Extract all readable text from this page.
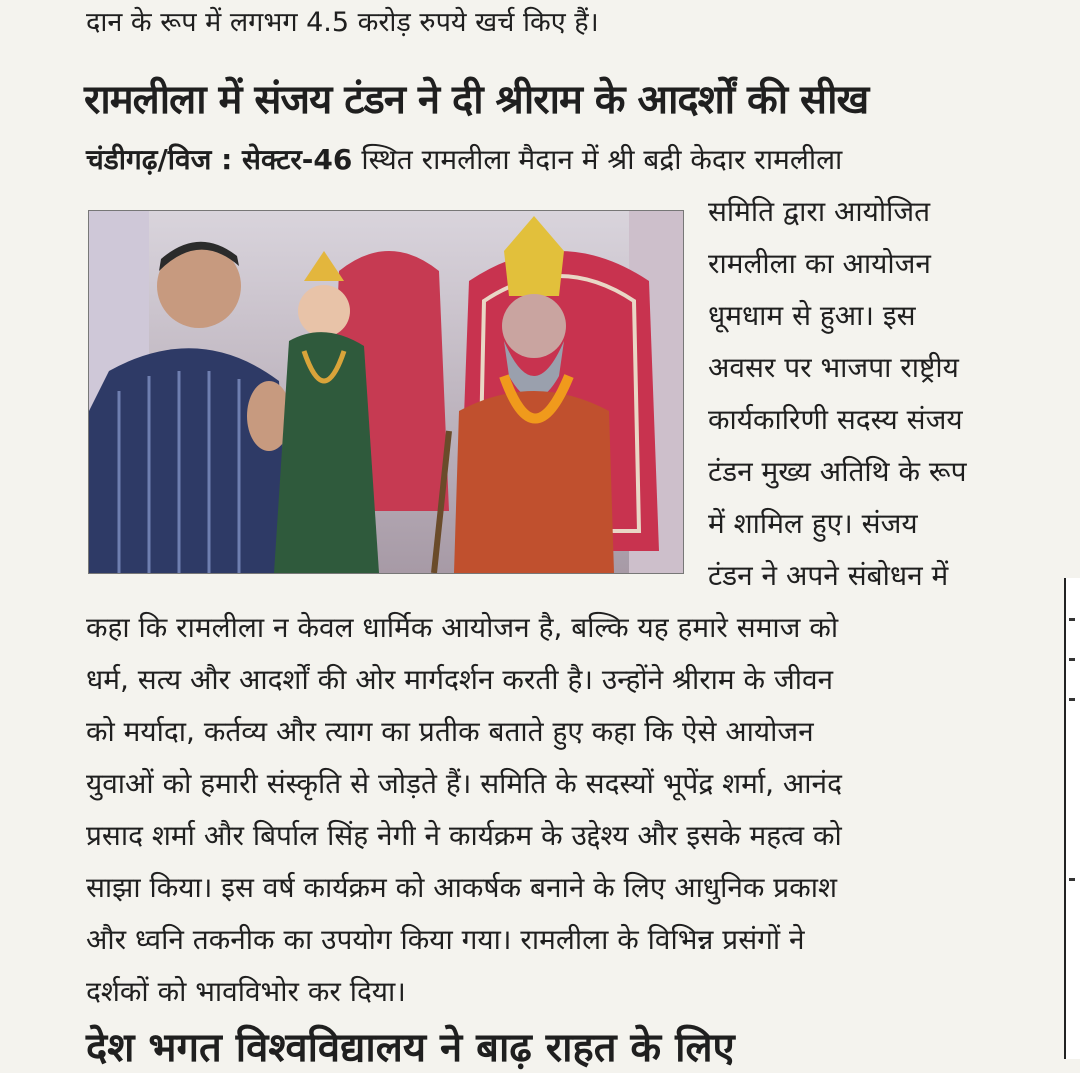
दान के रूप में लगभग 4.5 करोड़ रुपये खर्च किए हैं।
रामलीला में संजय टंडन ने दी श्रीराम के आदर्शों की सीख
चंडीगढ़/विज : सेक्टर-46 स्थित रामलीला मैदान में श्री बद्री केदार रामलीला
समिति द्वारा आयोजित
रामलीला का आयोजन
धूमधाम से हुआ। इस
अवसर पर भाजपा राष्ट्रीय
कार्यकारिणी सदस्य संजय
टंडन मुख्य अतिथि के रूप
में शामिल हुए। संजय
टंडन ने अपने संबोधन में
कहा कि रामलीला न केवल धार्मिक आयोजन है, बल्कि यह हमारे समाज को
धर्म, सत्य और आदर्शों की ओर मार्गदर्शन करती है। उन्होंने श्रीराम के जीवन
को मर्यादा, कर्तव्य और त्याग का प्रतीक बताते हुए कहा कि ऐसे आयोजन
युवाओं को हमारी संस्कृति से जोड़ते हैं। समिति के सदस्यों भूपेंद्र शर्मा, आनंद
प्रसाद शर्मा और बिर्पाल सिंह नेगी ने कार्यक्रम के उद्देश्य और इसके महत्व को
साझा किया। इस वर्ष कार्यक्रम को आकर्षक बनाने के लिए आधुनिक प्रकाश
और ध्वनि तकनीक का उपयोग किया गया। रामलीला के विभिन्न प्रसंगों ने
दर्शकों को भावविभोर कर दिया।
देश भगत विश्वविद्यालय ने बाढ़ राहत के लिए
